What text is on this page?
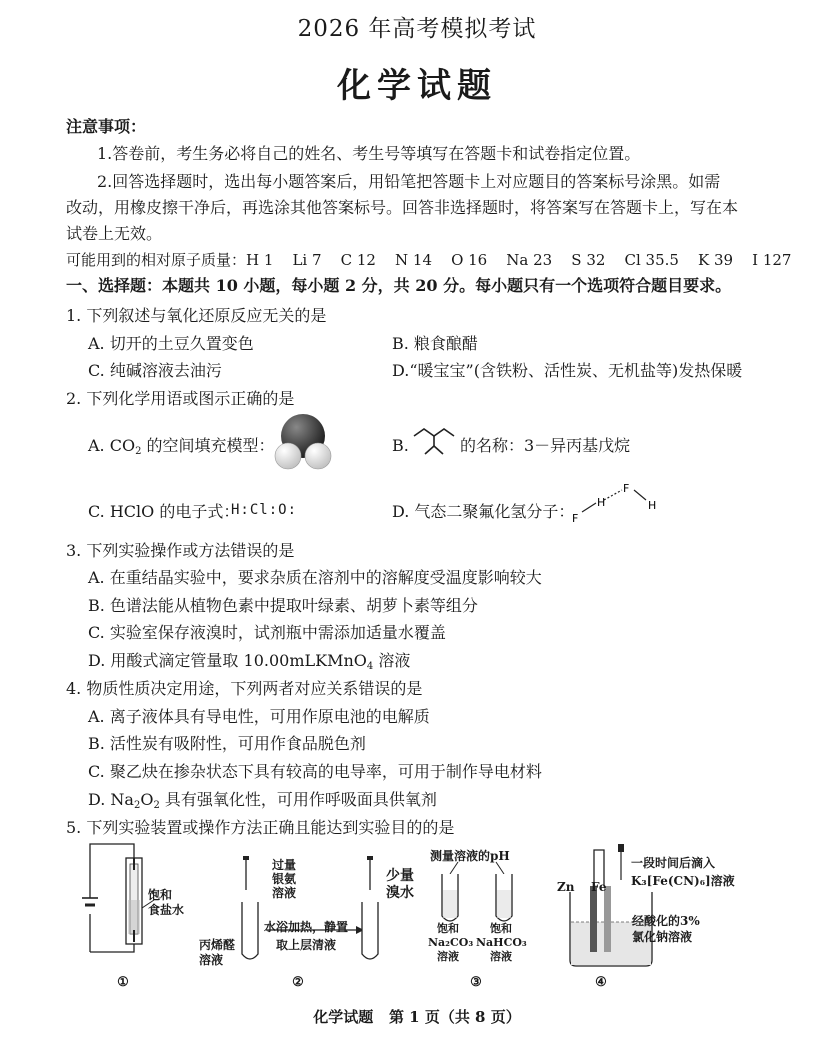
2026 年高考模拟考试
化学试题
注意事项：
1.答卷前，考生务必将自己的姓名、考生号等填写在答题卡和试卷指定位置。
2.回答选择题时，选出每小题答案后，用铅笔把答题卡上对应题目的答案标号涂黑。如需
改动，用橡皮擦干净后，再选涂其他答案标号。回答非选择题时，将答案写在答题卡上，写在本
试卷上无效。
可能用到的相对原子质量：H 1    Li 7    C 12    N 14    O 16    Na 23    S 32    Cl 35.5    K 39    I 127
一、选择题：本题共 10 小题，每小题 2 分，共 20 分。每小题只有一个选项符合题目要求。
1. 下列叙述与氧化还原反应无关的是
A. 切开的土豆久置变色	B. 粮食酿醋
C. 纯碱溶液去油污	D.“暖宝宝”(含铁粉、活性炭、无机盐等)发热保暖
2. 下列化学用语或图示正确的是
A. $CO_2$ 的空间填充模型：	B.	的名称：3－异丙基戊烷
C. HClO 的电子式：
H:Cl:O:	D. 气态二聚氟化氢分子：
F
H
F
H
3. 下列实验操作或方法错误的是
A. 在重结晶实验中，要求杂质在溶剂中的溶解度受温度影响较大
B. 色谱法能从植物色素中提取叶绿素、胡萝卜素等组分
C. 实验室保存液溴时，试剂瓶中需添加适量水覆盖
D. 用酸式滴定管量取 10.00mLKMnO$_4$ 溶液
4. 物质性质决定用途，下列两者对应关系错误的是
A. 离子液体具有导电性，可用作原电池的电解质
B. 活性炭有吸附性，可用作食品脱色剂
C. 聚乙炔在掺杂状态下具有较高的电导率，可用于制作导电材料
D. $Na_2O_2$ 具有强氧化性，可用作呼吸面具供氧剂
5. 下列实验装置或操作方法正确且能达到实验目的的是
饱和
食盐水
①
过量
银氨
溶液
丙烯醛
溶液
水浴加热，静置
取上层清液
少量
溴水
②
测量溶液的pH
饱和
Na₂CO₃
溶液
饱和
NaHCO₃
溶液
③
Zn Fe
一段时间后滴入
K₃[Fe(CN)₆]溶液
经酸化的3%
氯化钠溶液
④
化学试题   第 1 页（共 8 页）
